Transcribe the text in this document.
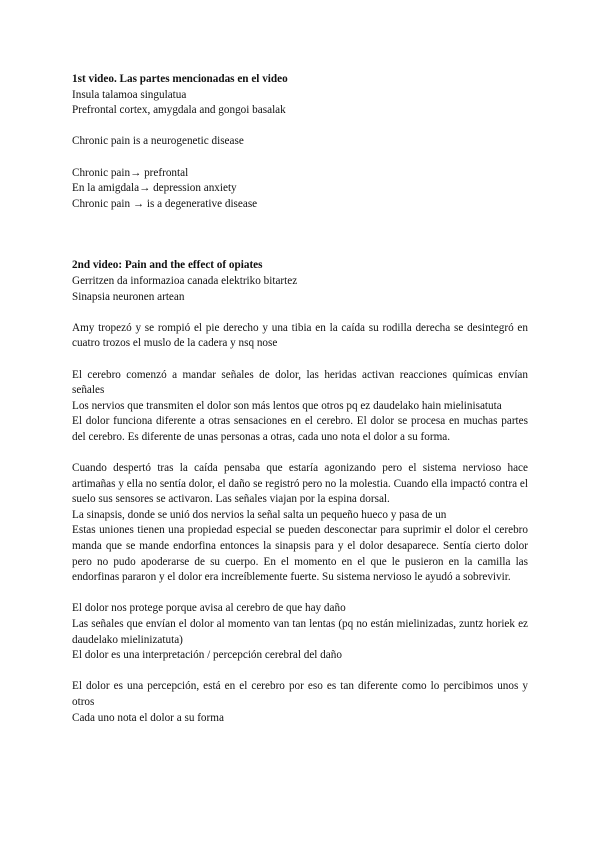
1st video. Las partes mencionadas en el video
Insula talamoa singulatua
Prefrontal cortex, amygdala and gongoi basalak
Chronic pain is a neurogenetic disease
Chronic pain→ prefrontal
En la amigdala→ depression anxiety
Chronic pain → is a degenerative disease
2nd video: Pain and the effect of opiates
Gerritzen da informazioa canada elektriko bitartez
Sinapsia neuronen artean
Amy tropezó y se rompió el pie derecho y una tibia en la caída su rodilla derecha se desintegró en cuatro trozos el muslo de la cadera y nsq nose
El cerebro comenzó a mandar señales de dolor, las heridas activan reacciones químicas envían señales
Los nervios que transmiten el dolor son más lentos que otros pq ez daudelako hain mielinisatuta
El dolor funciona diferente a otras sensaciones en el cerebro. El dolor se procesa en muchas partes del cerebro. Es diferente de unas personas a otras, cada uno nota el dolor a su forma.
Cuando despertó tras la caída pensaba que estaría agonizando pero el sistema nervioso hace artimañas y ella no sentía dolor, el daño se registró pero no la molestia. Cuando ella impactó contra el suelo sus sensores se activaron. Las señales viajan por la espina dorsal.
La sinapsis, donde se unió dos nervios la señal salta un pequeño hueco y pasa de un
Estas uniones tienen una propiedad especial se pueden desconectar para suprimir el dolor el cerebro manda que se mande endorfina entonces la sinapsis para y el dolor desaparece. Sentía cierto dolor pero no pudo apoderarse de su cuerpo. En el momento en el que le pusieron en la camilla las endorfinas pararon y el dolor era increíblemente fuerte. Su sistema nervioso le ayudó a sobrevivir.
El dolor nos protege porque avisa al cerebro de que hay daño
Las señales que envían el dolor al momento van tan lentas (pq no están mielinizadas, zuntz horiek ez daudelako mielinizatuta)
El dolor es una interpretación / percepción cerebral del daño
El dolor es una percepción, está en el cerebro por eso es tan diferente como lo percibimos unos y otros
Cada uno nota el dolor a su forma
